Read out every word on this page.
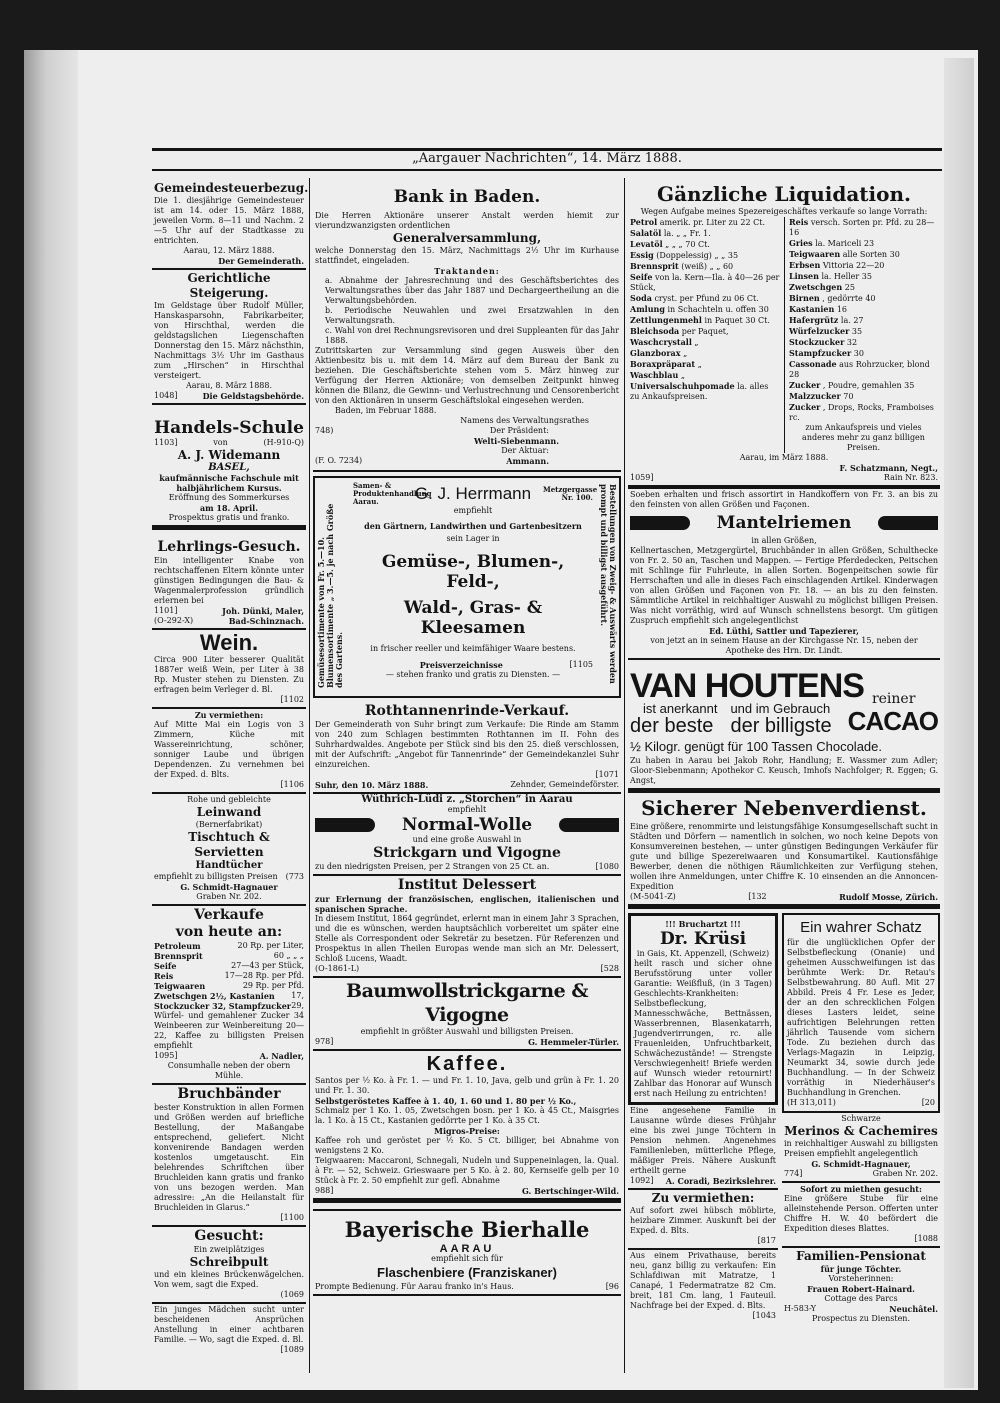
„Aargauer Nachrichten“, 14. März 1888.
Gemeindesteuerbezug.
Die 1. diesjährige Gemeindesteuer ist am 14. oder 15. März 1888, jeweilen Vorm. 8—11 und Nachm. 2—5 Uhr auf der Stadtkasse zu entrichten.
Aarau, 12. März 1888.
Der Gemeinderath.
Gerichtliche Steigerung.
Im Geldstage über Rudolf Müller, Hanskasparsohn, Fabrikarbeiter, von Hirschthal, werden die geldstagslichen Liegenschaften Donnerstag den 15. März nächsthin, Nachmittags 3½ Uhr im Gasthaus zum „Hirschen“ in Hirschthal versteigert.
Aarau, 8. März 1888.
1048]	Die Geldstagsbehörde.
Handels-Schule
1103]	von	(H-910-Q)
A. J. Widemann
BASEL,
kaufmännische Fachschule mit halbjährlichem Kursus.
Eröffnung des Sommerkurses
am 18. April.
Prospektus gratis und franko.
Lehrlings-Gesuch.
Ein intelligenter Knabe von rechtschaffenen Eltern könnte unter günstigen Bedingungen die Bau- & Wagenmalerprofession gründlich erlernen bei
1101]	Joh. Dünki, Maler,
(O-292-X)	Bad-Schinznach.
Wein.
Circa 900 Liter besserer Qualität 1887er weiß Wein, per Liter à 38 Rp. Muster stehen zu Diensten. Zu erfragen beim Verleger d. Bl.
[1102
Zu vermiethen:
Auf Mitte Mai ein Logis von 3 Zimmern, Küche mit Wassereinrichtung, schöner, sonniger Laube und übrigen Dependenzen. Zu vernehmen bei der Exped. d. Blts.
[1106
Rohe und gebleichte
Leinwand
(Bernerfabrikat)
Tischtuch & Servietten
Handtücher
empfiehlt zu billigsten Preisen (773
G. Schmidt-Hagnauer
Graben Nr. 202.
Verkaufe
von heute an:
Petroleum	20 Rp. per Liter,
Brennsprit	60 „ „ „
Seife	27—43 per Stück,
Reis	17—28 Rp. per Pfd.
Teigwaaren	29 Rp. per Pfd.
Zwetschgen 2½, Kastanien 17,
Stockzucker 32, Stampfzucker 29,
Würfel- und gemahlener Zucker 34 Weinbeeren zur Weinbereitung 20—22, Kaffee zu billigsten Preisen empfiehlt
1095]	A. Nadler,
Consumhalle neben der obern Mühle.
Bruchbänder
bester Konstruktion in allen Formen und Größen werden auf briefliche Bestellung, der Maßangabe entsprechend, geliefert. Nicht konvenirende Bandagen werden kostenlos umgetauscht. Ein belehrendes Schriftchen über Bruchleiden kann gratis und franko von uns bezogen werden. Man adressire: „An die Heilanstalt für Bruchleiden in Glarus.“
[1100
Gesucht:
Ein zweiplätziges
Schreibpult
und ein kleines Brückenwägelchen. Von wem, sagt die Exped.
(1069
Ein junges Mädchen sucht unter bescheidenen Ansprüchen Anstellung in einer achtbaren Familie. — Wo, sagt die Exped. d. Bl.
[1089
Bank in Baden.
Die Herren Aktionäre unserer Anstalt werden hiemit zur vierundzwanzigsten ordentlichen
Generalversammlung,
welche Donnerstag den 15. März, Nachmittags 2½ Uhr im Kurhause stattfindet, eingeladen.
Traktanden:
a. Abnahme der Jahresrechnung und des Geschäftsberichtes des Verwaltungsrathes über das Jahr 1887 und Dechargeertheilung an die Verwaltungsbehörden.
b. Periodische Neuwahlen und zwei Ersatzwahlen in den Verwaltungsrath.
c. Wahl von drei Rechnungsrevisoren und drei Suppleanten für das Jahr 1888.
Zutrittskarten zur Versammlung sind gegen Ausweis über den Aktienbesitz bis u. mit dem 14. März auf dem Bureau der Bank zu beziehen. Die Geschäftsberichte stehen vom 5. März hinweg zur Verfügung der Herren Aktionäre; von demselben Zeitpunkt hinweg können die Bilanz, die Gewinn- und Verlustrechnung und Censorenbericht von den Aktionären in unserm Geschäftslokal eingesehen werden.
Baden, im Februar 1888.
Namens des Verwaltungsrathes
748)	Der Präsident:
Welti-Siebenmann.
Der Aktuar:
(F. O. 7234)	Ammann.
Gemüsesortimente von Fr. 5.—10. Blumensortimente „ 3.—5. je nach Größe des Gartens.	Bestellungen von Zweig- & Auswärts werden prompt und billigst ausgeführt.
Samen- & Produktenhandlung Aarau.	G. J. Herrmann Metzgergasse Nr. 100.
empfiehlt
den Gärtnern, Landwirthen und Gartenbesitzern
sein Lager in
Gemüse-, Blumen-, Feld-,
Wald-, Gras- & Kleesamen
in frischer reeller und keimfähiger Waare bestens.
Preisverzeichnisse	[1105
— stehen franko und gratis zu Diensten. —
Rothtannenrinde-Verkauf.
Der Gemeinderath von Suhr bringt zum Verkaufe: Die Rinde am Stamm von 240 zum Schlagen bestimmten Rothtannen im II. Fohn des Suhrhardwaldes. Angebote per Stück sind bis den 25. dieß verschlossen, mit der Aufschrift: „Angebot für Tannenrinde“ der Gemeindekanzlei Suhr einzureichen.
[1071
Suhr, den 10. März 1888.	Zehnder, Gemeindeförster.
Wüthrich-Lüdi z. „Storchen“ in Aarau
empfiehlt
Normal-Wolle
und eine große Auswahl in
Strickgarn und Vigogne
zu den niedrigsten Preisen, per 2 Strangen von 25 Ct. an.	[1080
Institut Delessert
zur Erlernung der französischen, englischen, italienischen und spanischen Sprache.
In diesem Institut, 1864 gegründet, erlernt man in einem Jahr 3 Sprachen, und die es wünschen, werden hauptsächlich vorbereitet um später eine Stelle als Correspondent oder Sekretär zu besetzen. Für Referenzen und Prospektus in allen Theilen Europas wende man sich an Mr. Delessert, Schloß Lucens, Waadt.
(O-1861-L)	[528
Baumwollstrickgarne & Vigogne
empfiehlt in größter Auswahl und billigsten Preisen.
978]	G. Hemmeler-Türler.
Kaffee.
Santos per ½ Ko. à Fr. 1. — und Fr. 1. 10, Java, gelb und grün à Fr. 1. 20 und Fr. 1. 30.
Selbstgeröstetes Kaffee à 1. 40, 1. 60 und 1. 80 per ½ Ko.,
Schmalz per 1 Ko. 1. 05, Zwetschgen bosn. per 1 Ko. à 45 Ct., Maisgries la. 1 Ko. à 15 Ct., Kastanien gedörrte per 1 Ko. à 35 Ct.
Migros-Preise:
Kaffee roh und geröstet per ½ Ko. 5 Ct. billiger, bei Abnahme von wenigstens 2 Ko.
Teigwaaren: Maccaroni, Schnegali, Nudeln und Suppeneinlagen, la. Qual. à Fr. — 52, Schweiz. Grieswaare per 5 Ko. à 2. 80, Kernseife gelb per 10 Stück à Fr. 2. 50 empfiehlt zur gefl. Abnahme
988]	G. Bertschinger-Wild.
Bayerische Bierhalle
AARAU
empfiehlt sich für
Flaschenbiere (Franziskaner)
Prompte Bedienung. Für Aarau franko in's Haus.	[96
Gänzliche Liquidation.
Wegen Aufgabe meines Spezereigeschäftes verkaufe so lange Vorrath:
Petrol amerik. pr. Liter zu 22 Ct.
Salatöl la. „ „ Fr. 1.
Levatöl „ „ „ 70 Ct.
Essig (Doppelessig) „ „ 35
Brennsprit (weiß) „ „ 60
Seife von la. Kern—Ila. à 40—26 per Stück,
Soda cryst. per Pfund zu 06 Ct.
Amlung in Schachteln u. offen 30
Zettlungenmehl in Paquet 30 Ct.
Bleichsoda per Paquet,
Waschcrystall „
Glanzborax „
Boraxpräparat „
Waschblau „
Universalschuhpomade la. alles zu Ankaufspreisen.
Reis versch. Sorten pr. Pfd. zu 28—16
Gries la. Mariceli 23
Teigwaaren alle Sorten 30
Erbsen Vittoria 22—20
Linsen la. Heller 35
Zwetschgen 25
Birnen , gedörrte 40
Kastanien 16
Hafergrütz la. 27
Würfelzucker 35
Stockzucker 32
Stampfzucker 30
Cassonade aus Rohrzucker, blond 28
Zucker , Poudre, gemahlen 35
Malzzucker 70
Zucker , Drops, Rocks, Framboises rc.
zum Ankaufspreis und vieles anderes mehr zu ganz billigen Preisen.
Aarau, im März 1888.
F. Schatzmann, Negt.,
1059]	Rain Nr. 823.
Soeben erhalten und frisch assortirt in Handkoffern von Fr. 3. an bis zu den feinsten von allen Größen und Façonen.
Mantelriemen
in allen Größen,
Kellnertaschen, Metzgergürtel, Bruchbänder in allen Größen, Schulthecke von Fr. 2. 50 an, Taschen und Mappen. — Fertige Pferdedecken, Peitschen mit Schlinge für Fuhrleute, in allen Sorten. Bogenpeitschen sowie für Herrschaften und alle in dieses Fach einschlagenden Artikel. Kinderwagen von allen Größen und Façonen von Fr. 18. — an bis zu den feinsten. Sämmtliche Artikel in reichhaltiger Auswahl zu möglichst billigen Preisen. Was nicht vorräthig, wird auf Wunsch schnellstens besorgt. Um gütigen Zuspruch empfiehlt sich angelegentlichst
Ed. Lüthi, Sattler und Tapezierer,
von jetzt an in seinem Hause an der Kirchgasse Nr. 15, neben der Apotheke des Hrn. Dr. Lindt.
VAN HOUTENS reiner
ist anerkannt
der beste
und im Gebrauch
der billigste CACAO
½ Kilogr. genügt für 100 Tassen Chocolade.
Zu haben in Aarau bei Jakob Rohr, Handlung; E. Wassmer zum Adler; Gloor-Siebenmann; Apothekor C. Keusch, Imhofs Nachfolger; R. Eggen; G. Angst,
Sicherer Nebenverdienst.
Eine größere, renommirte und leistungsfähige Konsumgesellschaft sucht in Städten und Dörfern — namentlich in solchen, wo noch keine Depots von Konsumvereinen bestehen, — unter günstigen Bedingungen Verkäufer für gute und billige Spezereiwaaren und Konsumartikel. Kautionsfähige Bewerber, denen die nöthigen Räumlichkeiten zur Verfügung stehen, wollen ihre Anmeldungen, unter Chiffre K. 10 einsenden an die Annoncen-Expedition
(M-5041-Z)	[132	Rudolf Mosse, Zürich.
!!! Bruchartzt !!!
Dr. Krüsi
in Gais, Kt. Appenzell, (Schweiz)
heilt rasch und sicher ohne Berufsstörung unter voller Garantie: Weißfluß, (in 3 Tagen) Geschlechts-Krankheiten: Selbstbefleckung, Mannesschwäche, Bettnässen, Wasserbrennen, Blasenkatarrh, Jugendverirrungen, rc. alle Frauenleiden, Unfruchtbarkeit, Schwächezustände! — Strengste Verschwiegenheit! Briefe werden auf Wunsch wieder retournirt! Zahlbar das Honorar auf Wunsch erst nach Heilung zu entrichten!
Eine angesehene Familie in Lausanne würde dieses Frühjahr eine bis zwei junge Töchtern in Pension nehmen. Angenehmes Familienleben, mütterliche Pflege, mäßiger Preis. Nähere Auskunft ertheilt gerne
1092] A. Coradi, Bezirkslehrer.
Zu vermiethen:
Auf sofort zwei hübsch möblirte, heizbare Zimmer. Auskunft bei der Exped. d. Blts.
[817
Aus einem Privathause, bereits neu, ganz billig zu verkaufen: Ein Schlafdiwan mit Matratze, 1 Canapé, 1 Federmatratze 82 Cm. breit, 181 Cm. lang, 1 Fauteuil. Nachfrage bei der Exped. d. Blts.
[1043
Ein wahrer Schatz
für die unglücklichen Opfer der Selbstbefleckung (Onanie) und geheimen Ausschweifungen ist das berühmte Werk: Dr. Retau's Selbstbewahrung. 80 Aufl. Mit 27 Abbild. Preis 4 Fr. Lese es Jeder, der an den schrecklichen Folgen dieses Lasters leidet, seine aufrichtigen Belehrungen retten jährlich Tausende vom sichern Tode. Zu beziehen durch das Verlags-Magazin in Leipzig, Neumarkt 34, sowie durch jede Buchhandlung. — In der Schweiz vorräthig in Niederhäuser's Buchhandlung in Grenchen.
(H 313,011)	[20
Schwarze
Merinos & Cachemires
in reichhaltiger Auswahl zu billigsten Preisen empfiehlt angelegentlich
G. Schmidt-Hagnauer,
774]	Graben Nr. 202.
Sofort zu miethen gesucht:
Eine größere Stube für eine alleinstehende Person. Offerten unter Chiffre H. W. 40 befördert die Expedition dieses Blattes.
[1088
Familien-Pensionat
für junge Töchter.
Vorsteherinnen:
Frauen Robert-Hainard.
Cottage des Parcs
H-583-Y	Neuchâtel.
Prospectus zu Diensten.
